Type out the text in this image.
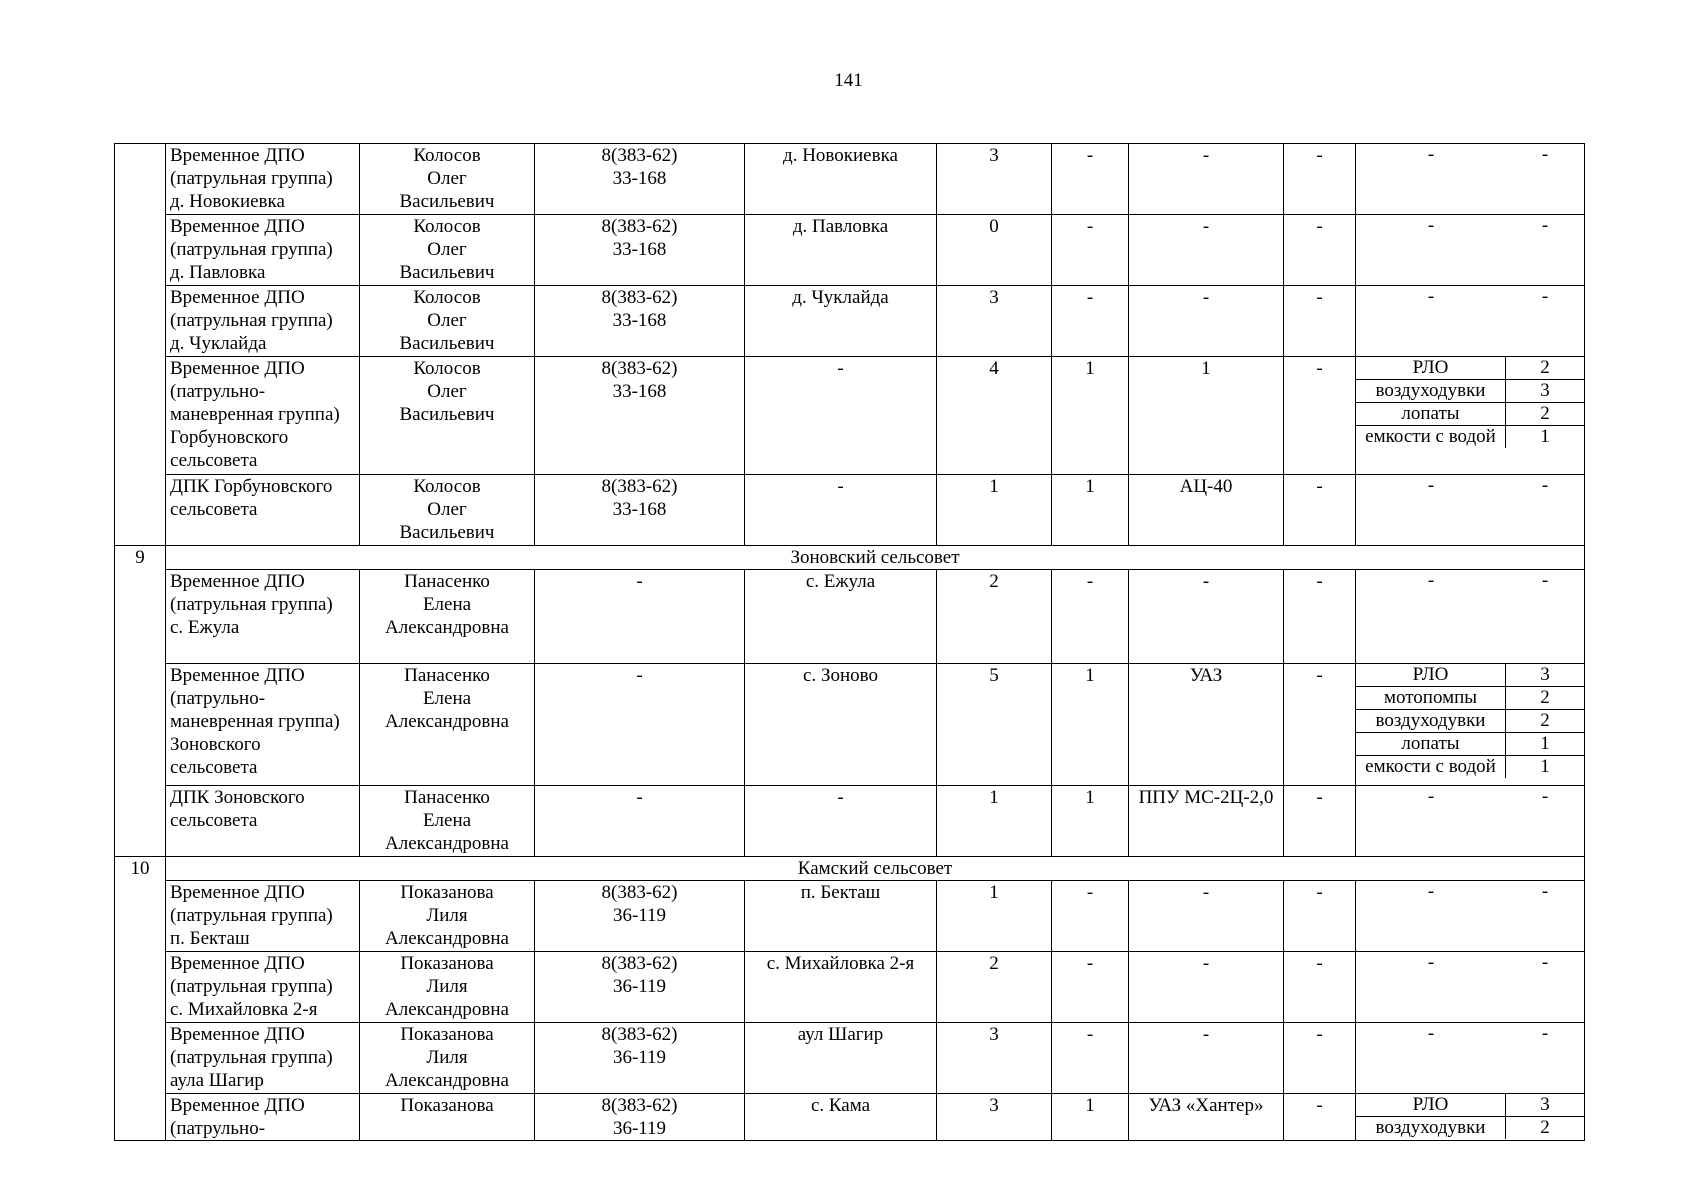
141
	Временное ДПО
(патрульная группа)
д. Новокиевка	Колосов
Олег
Васильевич	8(383-62)
33-168	д. Новокиевка	3	-	-	-		-	-

Временное ДПО
(патрульная группа)
д. Павловка	Колосов
Олег
Васильевич	8(383-62)
33-168	д. Павловка	0	-	-	-		-	-

Временное ДПО
(патрульная группа)
д. Чуклайда	Колосов
Олег
Васильевич	8(383-62)
33-168	д. Чуклайда	3	-	-	-		-	-

Временное ДПО
(патрульно-
маневренная группа)
Горбуновского
сельсовета	Колосов
Олег
Васильевич	8(383-62)
33-168	-	4	1	1	-		РЛО	2
воздуходувки	3
лопаты	2
емкости с водой	1

ДПК Горбуновского
сельсовета	Колосов
Олег
Васильевич	8(383-62)
33-168	-	1	1	АЦ-40	-		-	-

9	Зоновский сельсовет
Временное ДПО
(патрульная группа)
с. Ежула	Панасенко
Елена
Александровна	-	с. Ежула	2	-	-	-		-	-

Временное ДПО
(патрульно-
маневренная группа)
Зоновского
сельсовета	Панасенко
Елена
Александровна	-	с. Зоново	5	1	УАЗ	-		РЛО	3
мотопомпы	2
воздуходувки	2
лопаты	1
емкости с водой	1

ДПК Зоновского
сельсовета	Панасенко
Елена
Александровна	-	-	1	1	ППУ МС-2Ц-2,0	-		-	-

10	Камский сельсовет
Временное ДПО
(патрульная группа)
п. Бекташ	Показанова
Лиля
Александровна	8(383-62)
36-119	п. Бекташ	1	-	-	-		-	-

Временное ДПО
(патрульная группа)
с. Михайловка 2-я	Показанова
Лиля
Александровна	8(383-62)
36-119	с. Михайловка 2-я	2	-	-	-		-	-

Временное ДПО
(патрульная группа)
аула Шагир	Показанова
Лиля
Александровна	8(383-62)
36-119	аул Шагир	3	-	-	-		-	-

Временное ДПО
(патрульно-	Показанова	8(383-62)
36-119	с. Кама	3	1	УАЗ «Хантер»	-		РЛО	3
воздуходувки	2
